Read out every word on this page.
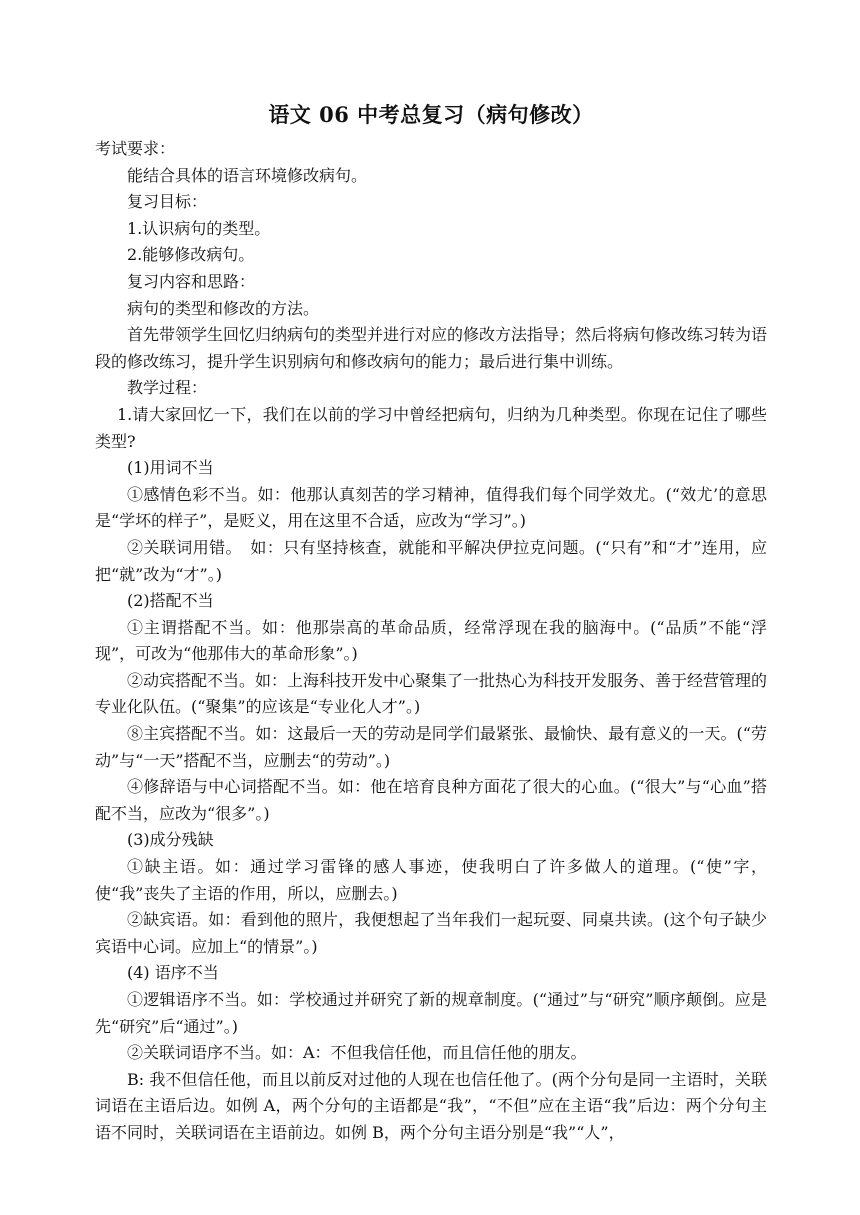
语文 06 中考总复习（病句修改）

考试要求：

能结合具体的语言环境修改病句。

复习目标：

1.认识病句的类型。

2.能够修改病句。

复习内容和思路：

病句的类型和修改的方法。

首先带领学生回忆归纳病句的类型并进行对应的修改方法指导；然后将病句修改练习转为语段的修改练习，提升学生识别病句和修改病句的能力；最后进行集中训练。

教学过程：

1.请大家回忆一下，我们在以前的学习中曾经把病句，归纳为几种类型。你现在记住了哪些类型?

(1)用词不当

①感情色彩不当。如：他那认真刻苦的学习精神，值得我们每个同学效尤。(“效尤’的意思是“学坏的样子”，是贬义，用在这里不合适，应改为“学习”。)

②关联词用错。　如：只有坚持核查，就能和平解决伊拉克问题。(“只有”和“才”连用，应把“就”改为“才”。)

(2)搭配不当

①主谓搭配不当。如：他那崇高的革命品质，经常浮现在我的脑海中。(“品质”不能“浮现”，可改为“他那伟大的革命形象”。)

②动宾搭配不当。如：上海科技开发中心聚集了一批热心为科技开发服务、善于经营管理的专业化队伍。(“聚集”的应该是“专业化人才”。)

⑧主宾搭配不当。如：这最后一天的劳动是同学们最紧张、最愉快、最有意义的一天。(“劳动”与“一天”搭配不当，应删去“的劳动”。)

④修辞语与中心词搭配不当。如：他在培育良种方面花了很大的心血。(“很大”与“心血”搭配不当，应改为“很多”。)

(3)成分残缺

①缺主语。如：通过学习雷锋的感人事迹，使我明白了许多做人的道理。(“使”字，使“我”丧失了主语的作用，所以，应删去。)

②缺宾语。如：看到他的照片，我便想起了当年我们一起玩耍、同桌共读。(这个句子缺少宾语中心词。应加上“的情景”。)

(4) 语序不当

①逻辑语序不当。如：学校通过并研究了新的规章制度。(“通过”与“研究”顺序颠倒。应是先“研究”后“通过”。)

②关联词语序不当。如：A：不但我信任他，而且信任他的朋友。

B: 我不但信任他，而且以前反对过他的人现在也信任他了。(两个分句是同一主语时，关联词语在主语后边。如例 A，两个分句的主语都是“我”，“不但”应在主语“我”后边：两个分句主语不同时，关联词语在主语前边。如例 B，两个分句主语分别是“我”“人”，
